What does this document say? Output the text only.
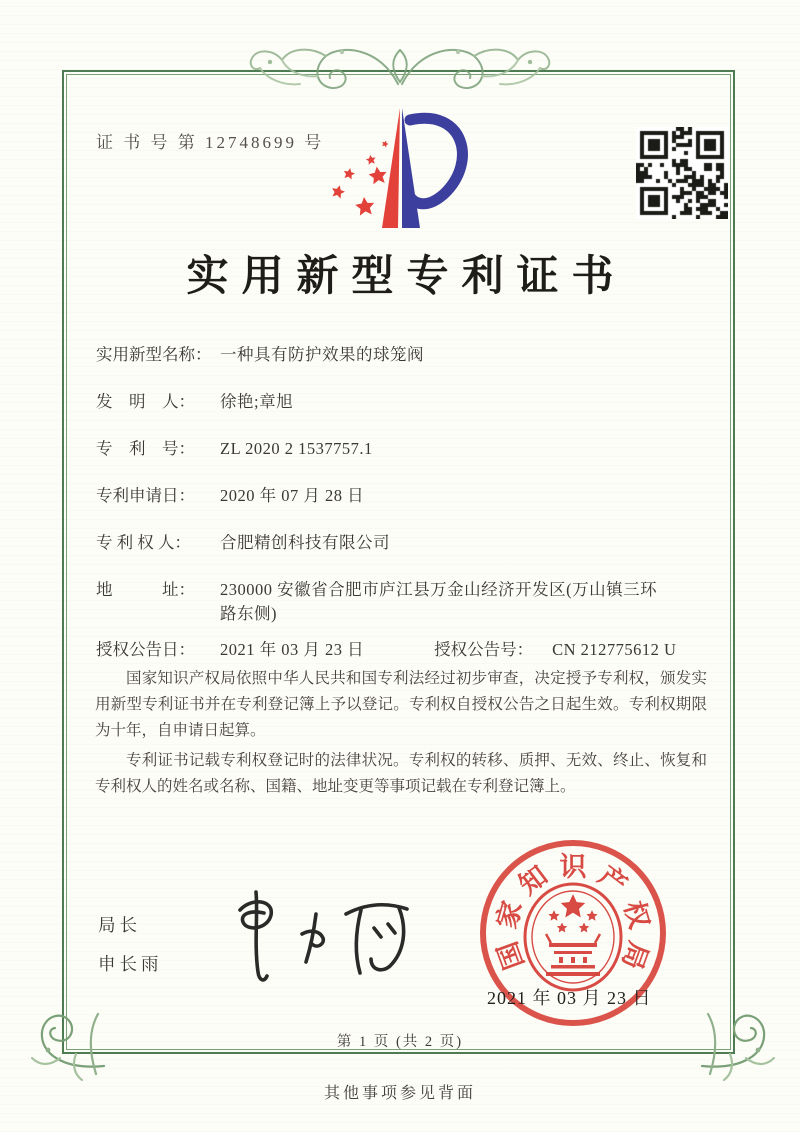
证 书 号 第 12748699 号
实用新型专利证书
实用新型名称： 一种具有防护效果的球笼阀
发　明　人：	徐艳;章旭
专　利　号：	ZL 2020 2 1537757.1
专利申请日：	2020 年 07 月 28 日
专 利 权 人：	合肥精创科技有限公司
地　　　址：	230000 安徽省合肥市庐江县万金山经济开发区(万山镇三环路东侧)
授权公告日：	2021 年 03 月 23 日	授权公告号：	CN 212775612 U

国家知识产权局依照中华人民共和国专利法经过初步审查，决定授予专利权，颁发实用新型专利证书并在专利登记簿上予以登记。专利权自授权公告之日起生效。专利权期限为十年，自申请日起算。

专利证书记载专利权登记时的法律状况。专利权的转移、质押、无效、终止、恢复和专利权人的姓名或名称、国籍、地址变更等事项记载在专利登记簿上。

局长
申长雨	国
家
知 识 产
权
局
2021 年 03 月 23 日
第 1 页 (共 2 页)
其他事项参见背面
